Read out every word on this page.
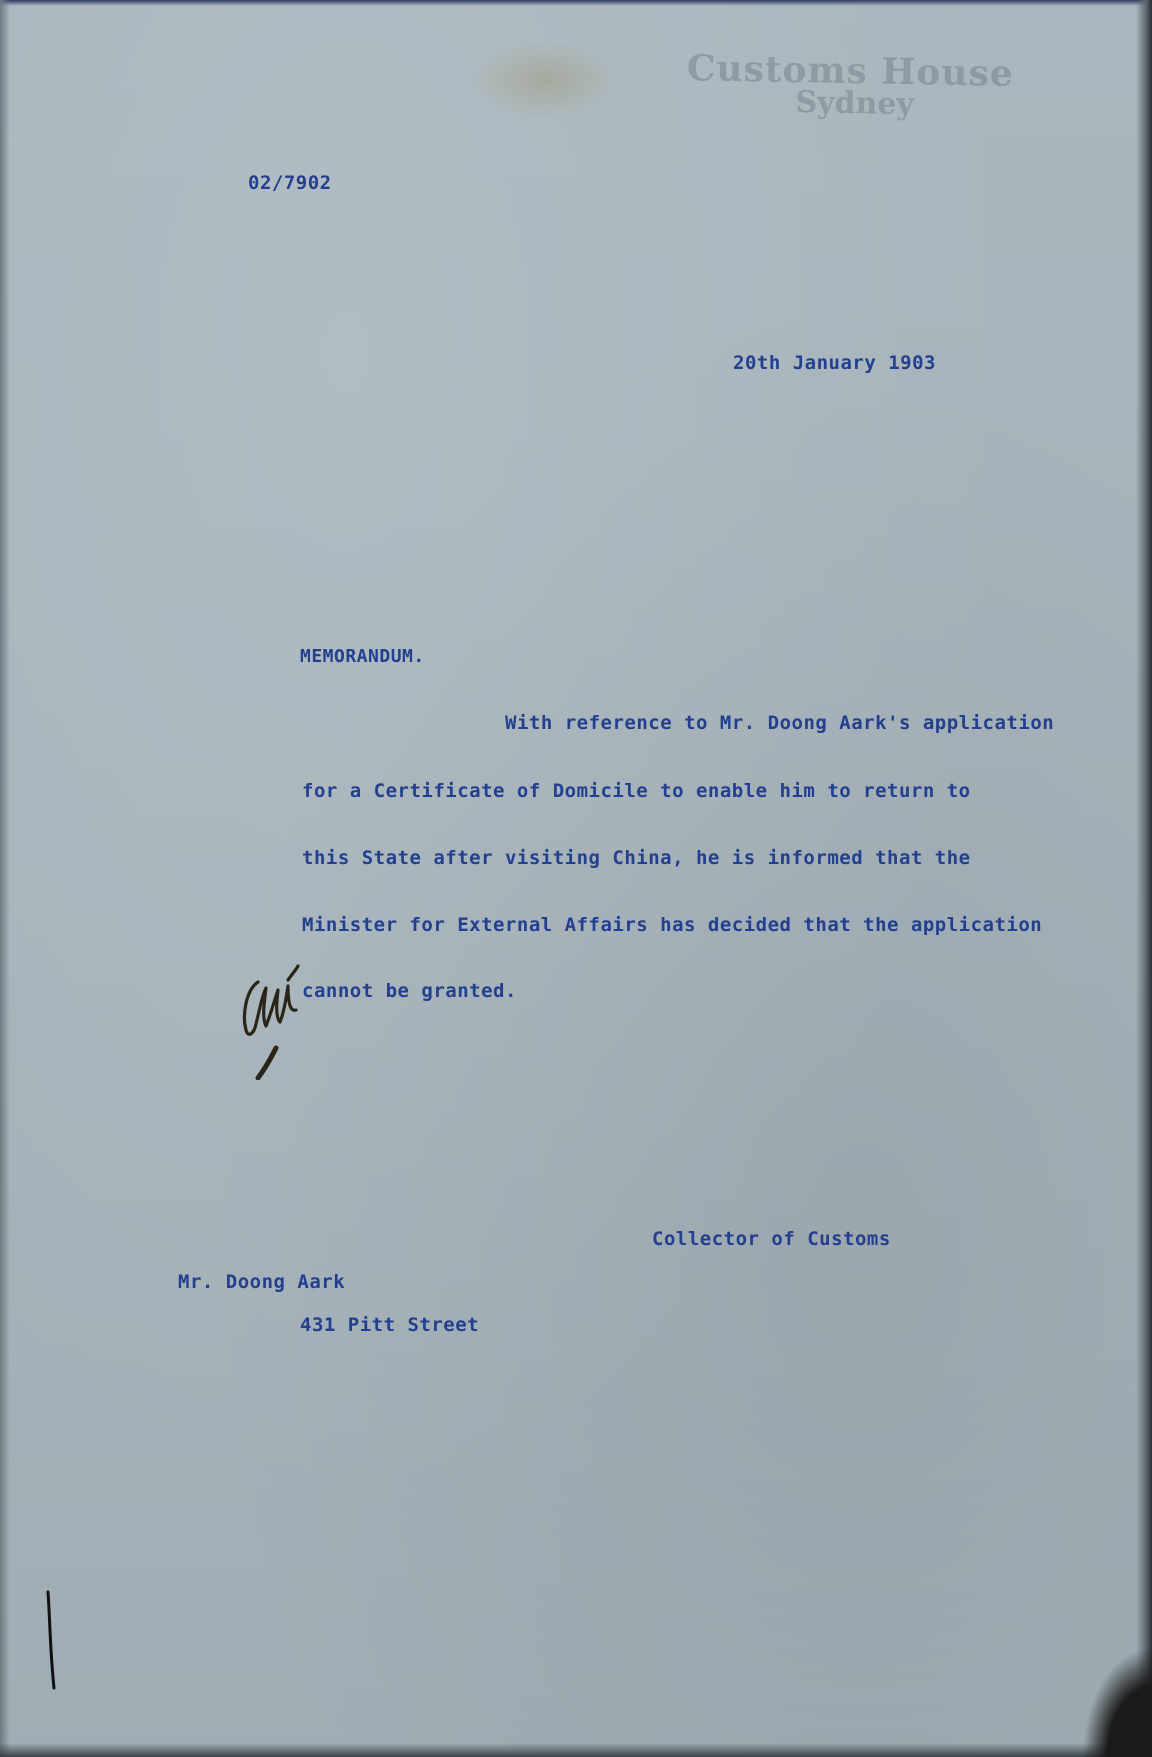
Customs House
Sydney
02/7902
20th January 1903
MEMORANDUM.
With reference to Mr. Doong Aark's application
for a Certificate of Domicile to enable him to return to
this State after visiting China, he is informed that the
Minister for External Affairs has decided that the application
cannot be granted.
Collector of Customs
Mr. Doong Aark
431 Pitt Street
